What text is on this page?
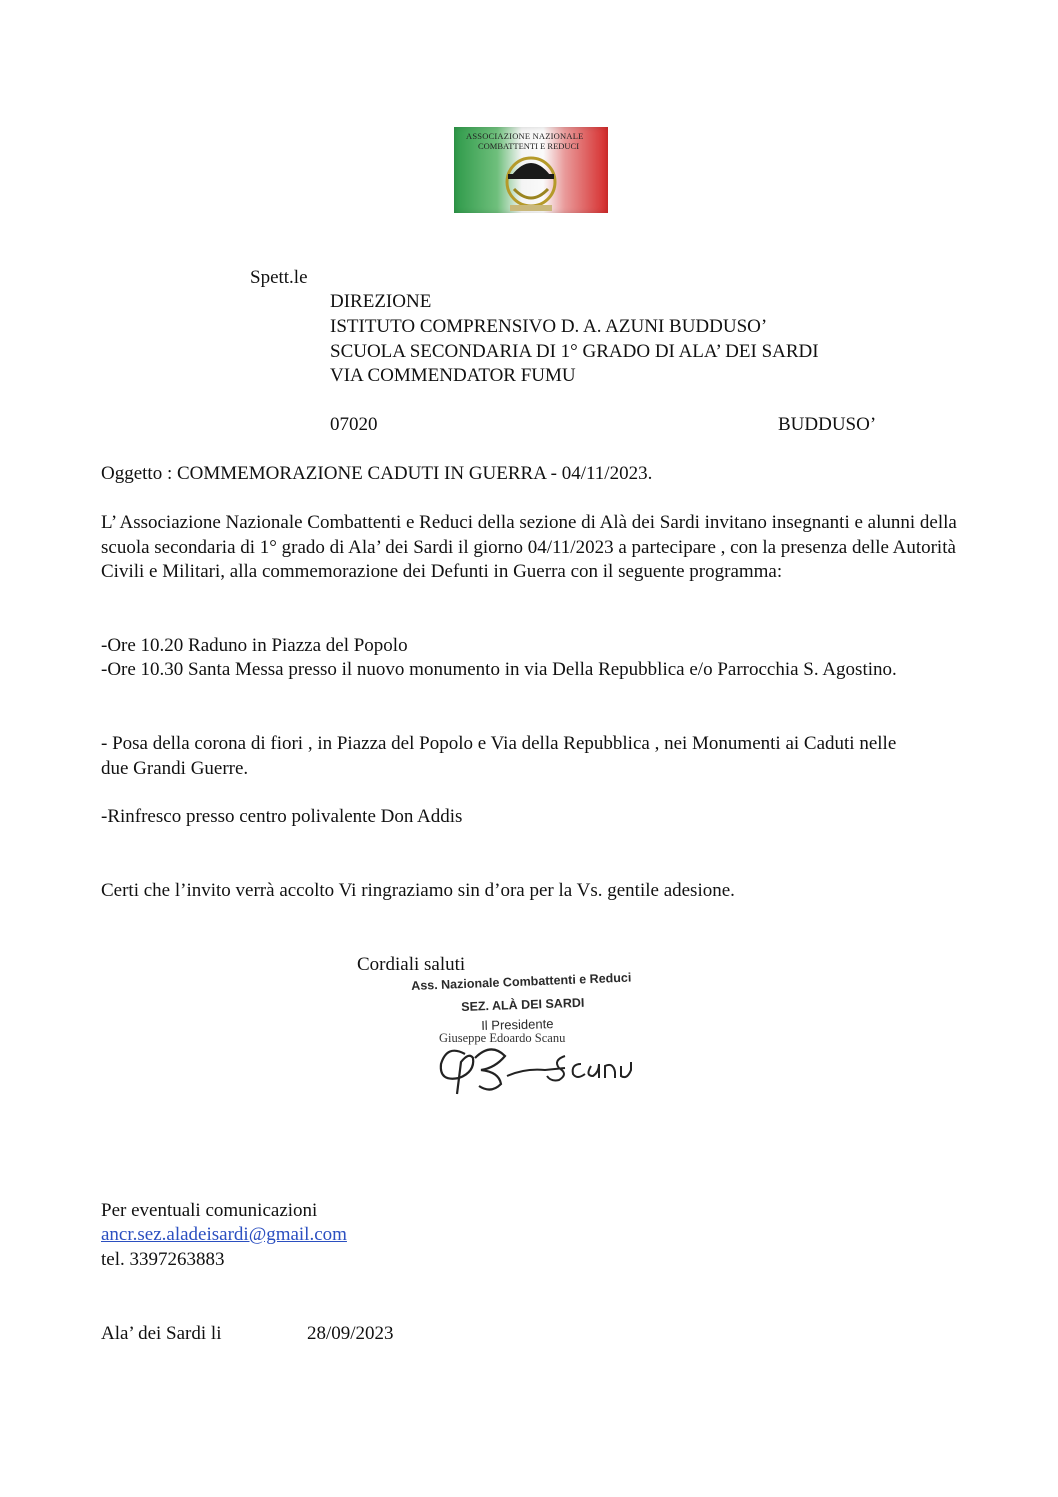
ASSOCIAZIONE NAZIONALE
COMBATTENTI E REDUCI
Spett.le
DIREZIONE
ISTITUTO COMPRENSIVO D. A. AZUNI BUDDUSO’
SCUOLA SECONDARIA DI 1° GRADO DI ALA’ DEI SARDI
VIA COMMENDATOR FUMU
07020	BUDDUSO’
Oggetto : COMMEMORAZIONE CADUTI IN GUERRA - 04/11/2023.
L’ Associazione Nazionale Combattenti e Reduci della sezione di Alà dei Sardi invitano insegnanti e alunni della scuola secondaria di 1° grado di Ala’ dei Sardi il giorno 04/11/2023 a partecipare , con la presenza delle Autorità Civili e Militari, alla commemorazione dei Defunti in Guerra con il seguente programma:
-Ore 10.20 Raduno in Piazza del Popolo
-Ore 10.30 Santa Messa presso il nuovo monumento in via Della Repubblica e/o Parrocchia S. Agostino.
- Posa della corona di fiori , in Piazza del Popolo e Via della Repubblica , nei Monumenti ai Caduti nelle due Grandi Guerre.
-Rinfresco presso centro polivalente Don Addis
Certi che l’invito verrà accolto Vi ringraziamo sin d’ora per la Vs. gentile adesione.
Cordiali saluti
Ass. Nazionale Combattenti e Reduci
SEZ. ALÀ DEI SARDI
Il Presidente
Giuseppe Edoardo Scanu
Per eventuali comunicazioni
ancr.sez.aladeisardi@gmail.com
tel. 3397263883
Ala’ dei Sardi li	28/09/2023
